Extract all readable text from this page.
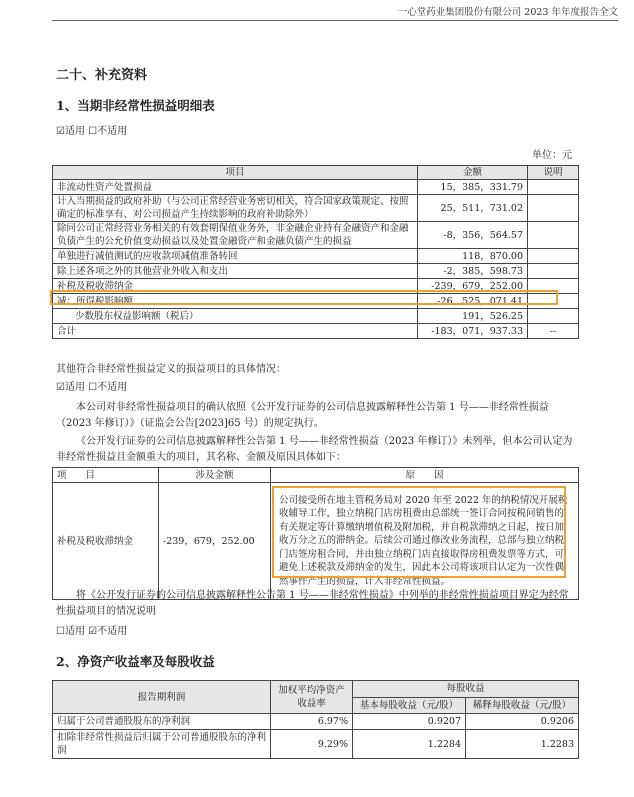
一心堂药业集团股份有限公司 2023 年年度报告全文
二十、补充资料
1、当期非经常性损益明细表
☑适用 ☐不适用
单位：元
项目	金额	说明
非流动性资产处置损益	15，385，331.79	
计入当期损益的政府补助（与公司正常经营业务密切相关，符合国家政策规定、按照确定的标准享有、对公司损益产生持续影响的政府补助除外）	25，511，731.02	
除同公司正常经营业务相关的有效套期保值业务外，非金融企业持有金融资产和金融负债产生的公允价值变动损益以及处置金融资产和金融负债产生的损益	-8，356，564.57	
单独进行减值测试的应收款项减值准备转回	118，870.00	
除上述各项之外的其他营业外收入和支出	-2，385，598.73	
补税及税收滞纳金	-239，679，252.00	
减：所得税影响额	-26，525，071.41	
少数股东权益影响额（税后）	191，526.25	
合计	-183，071，937.33	--
其他符合非经常性损益定义的损益项目的具体情况：
☑适用 ☐不适用
本公司对非经常性损益项目的确认依照《公开发行证券的公司信息披露解释性公告第 1 号——非经常性损益（2023 年修订）》（证监会公告[2023]65 号）的规定执行。
《公开发行证券的公司信息披露解释性公告第 1 号——非经常性损益（2023 年修订）》未列举，但本公司认定为非经常性损益且金额重大的项目，其名称、金额及原因具体如下：
项　　目	涉及金额	原　　因
补税及税收滞纳金	-239，679，252.00	公司接受所在地主管税务局对 2020 年至 2022 年的纳税情况开展税收辅导工作，独立纳税门店房租费由总部统一签订合同按税问销售的有关规定等计算缴纳增值税及附加税，并自税款滞纳之日起，按日加收万分之五的滞纳金。后续公司通过修改业务流程，总部与独立纳税门店签房租合同，并由独立纳税门店直接取得房租费发票等方式，可避免上述税款及滞纳金的发生，因此本公司将该项目认定为一次性偶然事件产生的损益，计入非经常性损益。
将《公开发行证券的公司信息披露解释性公告第 1 号——非经常性损益》中列举的非经常性损益项目界定为经常性损益项目的情况说明
☐适用 ☑不适用
2、净资产收益率及每股收益
报告期利润	加权平均净资产收益率	每股收益	
		基本每股收益（元/股）	稀释每股收益（元/股）
归属于公司普通股股东的净利润	6.97%	0.9207	0.9206
扣除非经常性损益后归属于公司普通股股东的净利润	9.29%	1.2284	1.2283
